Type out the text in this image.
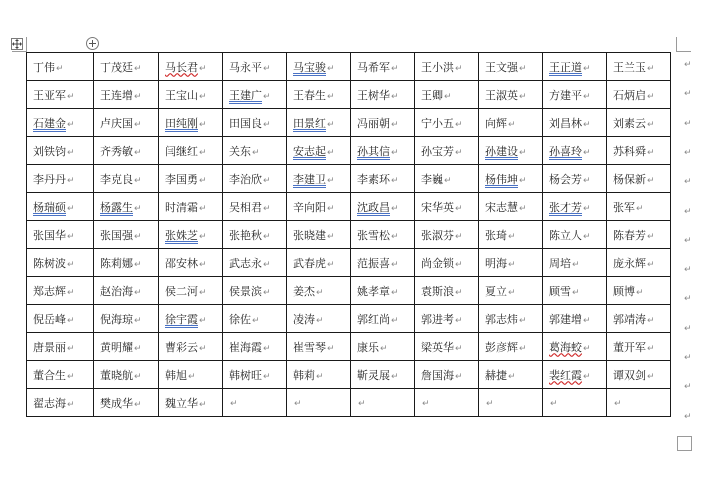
丁伟↵	丁茂廷↵	马长君↵	马永平↵	马宝骏↵	马希军↵	王小洪↵	王文强↵	王正道↵	王兰玉↵
王亚军↵	王连增↵	王宝山↵	王建广↵	王春生↵	王树华↵	王卿↵	王淑英↵	方建平↵	石炳启↵
石建金↵	卢庆国↵	田纯刚↵	田国良↵	田景红↵	冯丽朝↵	宁小五↵	向辉↵	刘昌林↵	刘素云↵
刘铁钧↵	齐秀敏↵	闫继红↵	关东↵	安志起↵	孙其信↵	孙宝芳↵	孙建设↵	孙喜玲↵	苏科舜↵
李丹丹↵	李克良↵	李国勇↵	李治欣↵	李建卫↵	李素环↵	李巍↵	杨伟坤↵	杨会芳↵	杨保新↵
杨瑞硕↵	杨露生↵	时清霜↵	吴相君↵	辛向阳↵	沈政昌↵	宋华英↵	宋志慧↵	张才芳↵	张军↵
张国华↵	张国强↵	张姝芝↵	张艳秋↵	张晓建↵	张雪松↵	张淑芬↵	张琦↵	陈立人↵	陈春芳↵
陈树波↵	陈莉娜↵	邵安林↵	武志永↵	武春虎↵	范振喜↵	尚金锁↵	明海↵	周培↵	庞永辉↵
郑志辉↵	赵治海↵	侯二河↵	侯景滨↵	姜杰↵	姚孝章↵	袁斯浪↵	夏立↵	顾雪↵	顾博↵
倪岳峰↵	倪海琼↵	徐宇霞↵	徐佐↵	凌涛↵	郭红尚↵	郭进考↵	郭志炜↵	郭建增↵	郭靖涛↵
唐景丽↵	黄明耀↵	曹彩云↵	崔海霞↵	崔雪琴↵	康乐↵	梁英华↵	彭彦辉↵	葛海蛟↵	董开军↵
董合生↵	董晓航↵	韩旭↵	韩树旺↵	韩莉↵	靳灵展↵	詹国海↵	赫捷↵	裴红霞↵	谭双剑↵
翟志海↵	樊成华↵	魏立华↵	↵	↵	↵	↵	↵	↵	↵
↵
↵
↵
↵
↵
↵
↵
↵
↵
↵
↵
↵
↵
